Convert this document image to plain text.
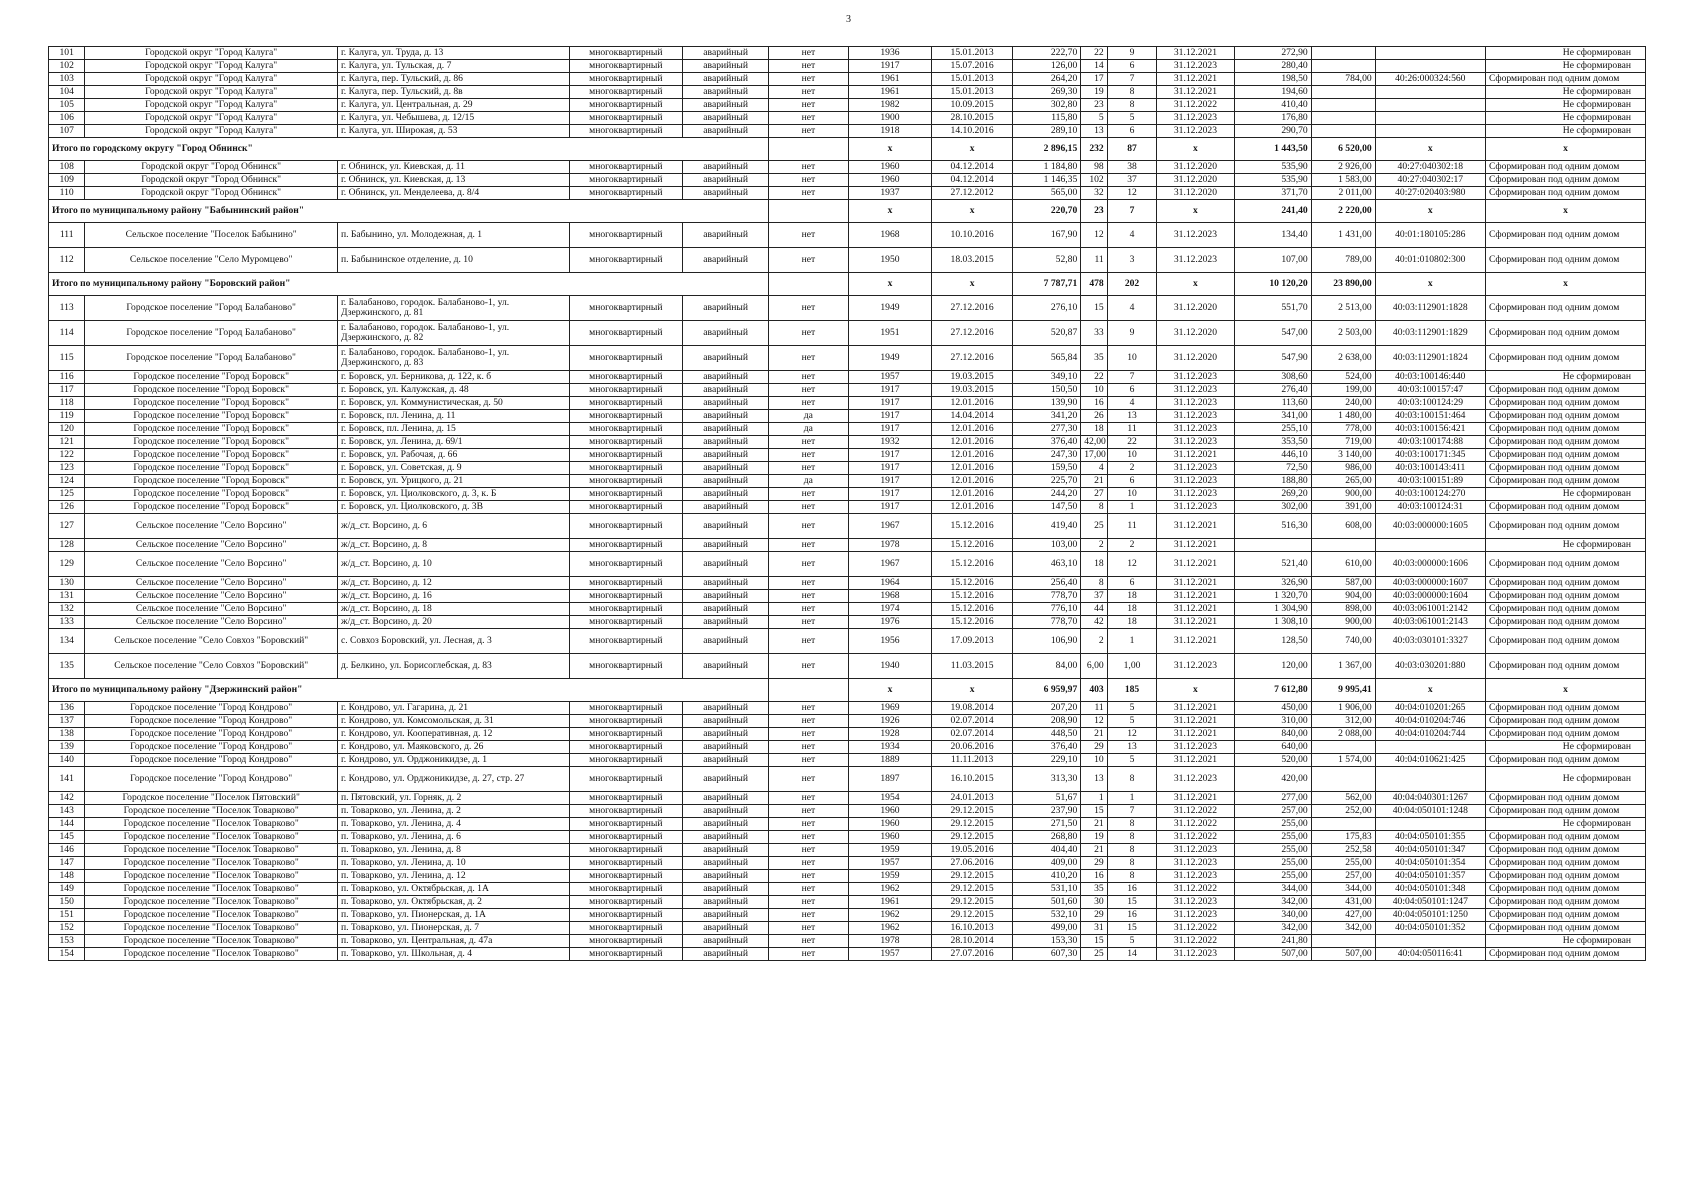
3
101	Городской округ "Город Калуга"	г. Калуга, ул. Труда, д. 13	многоквартирный	аварийный	нет	1936	15.01.2013	222,70	22	9	31.12.2021	272,90			Не сформирован
102	Городской округ "Город Калуга"	г. Калуга, ул. Тульская, д. 7	многоквартирный	аварийный	нет	1917	15.07.2016	126,00	14	6	31.12.2023	280,40			Не сформирован
103	Городской округ "Город Калуга"	г. Калуга, пер. Тульский, д. 86	многоквартирный	аварийный	нет	1961	15.01.2013	264,20	17	7	31.12.2021	198,50	784,00	40:26:000324:560	Сформирован под одним домом
104	Городской округ "Город Калуга"	г. Калуга, пер. Тульский, д. 8в	многоквартирный	аварийный	нет	1961	15.01.2013	269,30	19	8	31.12.2021	194,60			Не сформирован
105	Городской округ "Город Калуга"	г. Калуга, ул. Центральная, д. 29	многоквартирный	аварийный	нет	1982	10.09.2015	302,80	23	8	31.12.2022	410,40			Не сформирован
106	Городской округ "Город Калуга"	г. Калуга, ул. Чебышева, д. 12/15	многоквартирный	аварийный	нет	1900	28.10.2015	115,80	5	5	31.12.2023	176,80			Не сформирован
107	Городской округ "Город Калуга"	г. Калуга, ул. Широкая, д. 53	многоквартирный	аварийный	нет	1918	14.10.2016	289,10	13	6	31.12.2023	290,70			Не сформирован
Итого по городскому округу "Город Обнинск"						x	x	2 896,15	232	87	x	1 443,50	6 520,00	x	x
108	Городской округ "Город Обнинск"	г. Обнинск, ул. Киевская, д. 11	многоквартирный	аварийный	нет	1960	04.12.2014	1 184,80	98	38	31.12.2020	535,90	2 926,00	40:27:040302:18	Сформирован под одним домом
109	Городской округ "Город Обнинск"	г. Обнинск, ул. Киевская, д. 13	многоквартирный	аварийный	нет	1960	04.12.2014	1 146,35	102	37	31.12.2020	535,90	1 583,00	40:27:040302:17	Сформирован под одним домом
110	Городской округ "Город Обнинск"	г. Обнинск, ул. Менделеева, д. 8/4	многоквартирный	аварийный	нет	1937	27.12.2012	565,00	32	12	31.12.2020	371,70	2 011,00	40:27:020403:980	Сформирован под одним домом
Итого по муниципальному району "Бабынинский район"						x	x	220,70	23	7	x	241,40	2 220,00	x	x
111	Сельское поселение "Поселок Бабынино"	п. Бабынино, ул. Молодежная, д. 1	многоквартирный	аварийный	нет	1968	10.10.2016	167,90	12	4	31.12.2023	134,40	1 431,00	40:01:180105:286	Сформирован под одним домом
112	Сельское поселение "Село Муромцево"	п. Бабынинское отделение, д. 10	многоквартирный	аварийный	нет	1950	18.03.2015	52,80	11	3	31.12.2023	107,00	789,00	40:01:010802:300	Сформирован под одним домом
Итого по муниципальному району "Боровский район"						x	x	7 787,71	478	202	x	10 120,20	23 890,00	x	x
113	Городское поселение "Город Балабаново"	г. Балабаново, городок. Балабаново-1, ул. Дзержинского, д. 81	многоквартирный	аварийный	нет	1949	27.12.2016	276,10	15	4	31.12.2020	551,70	2 513,00	40:03:112901:1828	Сформирован под одним домом
114	Городское поселение "Город Балабаново"	г. Балабаново, городок. Балабаново-1, ул. Дзержинского, д. 82	многоквартирный	аварийный	нет	1951	27.12.2016	520,87	33	9	31.12.2020	547,00	2 503,00	40:03:112901:1829	Сформирован под одним домом
115	Городское поселение "Город Балабаново"	г. Балабаново, городок. Балабаново-1, ул. Дзержинского, д. 83	многоквартирный	аварийный	нет	1949	27.12.2016	565,84	35	10	31.12.2020	547,90	2 638,00	40:03:112901:1824	Сформирован под одним домом
116	Городское поселение "Город Боровск"	г. Боровск, ул. Берникова, д. 122, к. б	многоквартирный	аварийный	нет	1957	19.03.2015	349,10	22	7	31.12.2023	308,60	524,00	40:03:100146:440	Не сформирован
117	Городское поселение "Город Боровск"	г. Боровск, ул. Калужская, д. 48	многоквартирный	аварийный	нет	1917	19.03.2015	150,50	10	6	31.12.2023	276,40	199,00	40:03:100157:47	Сформирован под одним домом
118	Городское поселение "Город Боровск"	г. Боровск, ул. Коммунистическая, д. 50	многоквартирный	аварийный	нет	1917	12.01.2016	139,90	16	4	31.12.2023	113,60	240,00	40:03:100124:29	Сформирован под одним домом
119	Городское поселение "Город Боровск"	г. Боровск, пл. Ленина, д. 11	многоквартирный	аварийный	да	1917	14.04.2014	341,20	26	13	31.12.2023	341,00	1 480,00	40:03:100151:464	Сформирован под одним домом
120	Городское поселение "Город Боровск"	г. Боровск, пл. Ленина, д. 15	многоквартирный	аварийный	да	1917	12.01.2016	277,30	18	11	31.12.2023	255,10	778,00	40:03:100156:421	Сформирован под одним домом
121	Городское поселение "Город Боровск"	г. Боровск, ул. Ленина, д. 69/1	многоквартирный	аварийный	нет	1932	12.01.2016	376,40	42,00	22	31.12.2023	353,50	719,00	40:03:100174:88	Сформирован под одним домом
122	Городское поселение "Город Боровск"	г. Боровск, ул. Рабочая, д. 66	многоквартирный	аварийный	нет	1917	12.01.2016	247,30	17,00	10	31.12.2021	446,10	3 140,00	40:03:100171:345	Сформирован под одним домом
123	Городское поселение "Город Боровск"	г. Боровск, ул. Советская, д. 9	многоквартирный	аварийный	нет	1917	12.01.2016	159,50	4	2	31.12.2023	72,50	986,00	40:03:100143:411	Сформирован под одним домом
124	Городское поселение "Город Боровск"	г. Боровск, ул. Урицкого, д. 21	многоквартирный	аварийный	да	1917	12.01.2016	225,70	21	6	31.12.2023	188,80	265,00	40:03:100151:89	Сформирован под одним домом
125	Городское поселение "Город Боровск"	г. Боровск, ул. Циолковского, д. 3, к. Б	многоквартирный	аварийный	нет	1917	12.01.2016	244,20	27	10	31.12.2023	269,20	900,00	40:03:100124:270	Не сформирован
126	Городское поселение "Город Боровск"	г. Боровск, ул. Циолковского, д. 3В	многоквартирный	аварийный	нет	1917	12.01.2016	147,50	8	1	31.12.2023	302,00	391,00	40:03:100124:31	Сформирован под одним домом
127	Сельское поселение "Село Ворсино"	ж/д_ст. Ворсино, д. 6	многоквартирный	аварийный	нет	1967	15.12.2016	419,40	25	11	31.12.2021	516,30	608,00	40:03:000000:1605	Сформирован под одним домом
128	Сельское поселение "Село Ворсино"	ж/д_ст. Ворсино, д. 8	многоквартирный	аварийный	нет	1978	15.12.2016	103,00	2	2	31.12.2021				Не сформирован
129	Сельское поселение "Село Ворсино"	ж/д_ст. Ворсино, д. 10	многоквартирный	аварийный	нет	1967	15.12.2016	463,10	18	12	31.12.2021	521,40	610,00	40:03:000000:1606	Сформирован под одним домом
130	Сельское поселение "Село Ворсино"	ж/д_ст. Ворсино, д. 12	многоквартирный	аварийный	нет	1964	15.12.2016	256,40	8	6	31.12.2021	326,90	587,00	40:03:000000:1607	Сформирован под одним домом
131	Сельское поселение "Село Ворсино"	ж/д_ст. Ворсино, д. 16	многоквартирный	аварийный	нет	1968	15.12.2016	778,70	37	18	31.12.2021	1 320,70	904,00	40:03:000000:1604	Сформирован под одним домом
132	Сельское поселение "Село Ворсино"	ж/д_ст. Ворсино, д. 18	многоквартирный	аварийный	нет	1974	15.12.2016	776,10	44	18	31.12.2021	1 304,90	898,00	40:03:061001:2142	Сформирован под одним домом
133	Сельское поселение "Село Ворсино"	ж/д_ст. Ворсино, д. 20	многоквартирный	аварийный	нет	1976	15.12.2016	778,70	42	18	31.12.2021	1 308,10	900,00	40:03:061001:2143	Сформирован под одним домом
134	Сельское поселение "Село Совхоз "Боровский"	с. Совхоз Боровский, ул. Лесная, д. 3	многоквартирный	аварийный	нет	1956	17.09.2013	106,90	2	1	31.12.2021	128,50	740,00	40:03:030101:3327	Сформирован под одним домом
135	Сельское поселение "Село Совхоз "Боровский"	д. Белкино, ул. Борисоглебская, д. 83	многоквартирный	аварийный	нет	1940	11.03.2015	84,00	6,00	1,00	31.12.2023	120,00	1 367,00	40:03:030201:880	Сформирован под одним домом
Итого по муниципальному району "Дзержинский район"						x	x	6 959,97	403	185	x	7 612,80	9 995,41	x	x
136	Городское поселение "Город Кондрово"	г. Кондрово, ул. Гагарина, д. 21	многоквартирный	аварийный	нет	1969	19.08.2014	207,20	11	5	31.12.2021	450,00	1 906,00	40:04:010201:265	Сформирован под одним домом
137	Городское поселение "Город Кондрово"	г. Кондрово, ул. Комсомольская, д. 31	многоквартирный	аварийный	нет	1926	02.07.2014	208,90	12	5	31.12.2021	310,00	312,00	40:04:010204:746	Сформирован под одним домом
138	Городское поселение "Город Кондрово"	г. Кондрово, ул. Кооперативная, д. 12	многоквартирный	аварийный	нет	1928	02.07.2014	448,50	21	12	31.12.2021	840,00	2 088,00	40:04:010204:744	Сформирован под одним домом
139	Городское поселение "Город Кондрово"	г. Кондрово, ул. Маяковского, д. 26	многоквартирный	аварийный	нет	1934	20.06.2016	376,40	29	13	31.12.2023	640,00			Не сформирован
140	Городское поселение "Город Кондрово"	г. Кондрово, ул. Орджоникидзе, д. 1	многоквартирный	аварийный	нет	1889	11.11.2013	229,10	10	5	31.12.2021	520,00	1 574,00	40:04:010621:425	Сформирован под одним домом
141	Городское поселение "Город Кондрово"	г. Кондрово, ул. Орджоникидзе, д. 27, стр. 27	многоквартирный	аварийный	нет	1897	16.10.2015	313,30	13	8	31.12.2023	420,00			Не сформирован
142	Городское поселение "Поселок Пятовский"	п. Пятовский, ул. Горняк, д. 2	многоквартирный	аварийный	нет	1954	24.01.2013	51,67	1	1	31.12.2021	277,00	562,00	40:04:040301:1267	Сформирован под одним домом
143	Городское поселение "Поселок Товарково"	п. Товарково, ул. Ленина, д. 2	многоквартирный	аварийный	нет	1960	29.12.2015	237,90	15	7	31.12.2022	257,00	252,00	40:04:050101:1248	Сформирован под одним домом
144	Городское поселение "Поселок Товарково"	п. Товарково, ул. Ленина, д. 4	многоквартирный	аварийный	нет	1960	29.12.2015	271,50	21	8	31.12.2022	255,00			Не сформирован
145	Городское поселение "Поселок Товарково"	п. Товарково, ул. Ленина, д. 6	многоквартирный	аварийный	нет	1960	29.12.2015	268,80	19	8	31.12.2022	255,00	175,83	40:04:050101:355	Сформирован под одним домом
146	Городское поселение "Поселок Товарково"	п. Товарково, ул. Ленина, д. 8	многоквартирный	аварийный	нет	1959	19.05.2016	404,40	21	8	31.12.2023	255,00	252,58	40:04:050101:347	Сформирован под одним домом
147	Городское поселение "Поселок Товарково"	п. Товарково, ул. Ленина, д. 10	многоквартирный	аварийный	нет	1957	27.06.2016	409,00	29	8	31.12.2023	255,00	255,00	40:04:050101:354	Сформирован под одним домом
148	Городское поселение "Поселок Товарково"	п. Товарково, ул. Ленина, д. 12	многоквартирный	аварийный	нет	1959	29.12.2015	410,20	16	8	31.12.2023	255,00	257,00	40:04:050101:357	Сформирован под одним домом
149	Городское поселение "Поселок Товарково"	п. Товарково, ул. Октябрьская, д. 1А	многоквартирный	аварийный	нет	1962	29.12.2015	531,10	35	16	31.12.2022	344,00	344,00	40:04:050101:348	Сформирован под одним домом
150	Городское поселение "Поселок Товарково"	п. Товарково, ул. Октябрьская, д. 2	многоквартирный	аварийный	нет	1961	29.12.2015	501,60	30	15	31.12.2023	342,00	431,00	40:04:050101:1247	Сформирован под одним домом
151	Городское поселение "Поселок Товарково"	п. Товарково, ул. Пионерская, д. 1А	многоквартирный	аварийный	нет	1962	29.12.2015	532,10	29	16	31.12.2023	340,00	427,00	40:04:050101:1250	Сформирован под одним домом
152	Городское поселение "Поселок Товарково"	п. Товарково, ул. Пионерская, д. 7	многоквартирный	аварийный	нет	1962	16.10.2013	499,00	31	15	31.12.2022	342,00	342,00	40:04:050101:352	Сформирован под одним домом
153	Городское поселение "Поселок Товарково"	п. Товарково, ул. Центральная, д. 47а	многоквартирный	аварийный	нет	1978	28.10.2014	153,30	15	5	31.12.2022	241,80			Не сформирован
154	Городское поселение "Поселок Товарково"	п. Товарково, ул. Школьная, д. 4	многоквартирный	аварийный	нет	1957	27.07.2016	607,30	25	14	31.12.2023	507,00	507,00	40:04:050116:41	Сформирован под одним домом
